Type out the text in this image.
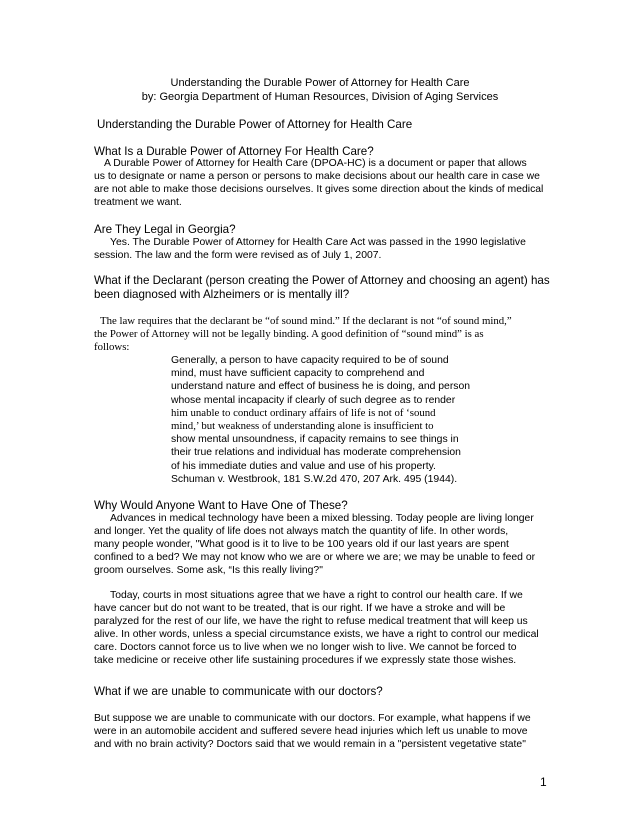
Understanding the Durable Power of Attorney for Health Care
by: Georgia Department of Human Resources, Division of Aging Services
Understanding the Durable Power of Attorney for Health Care
What Is a Durable Power of Attorney For Health Care?
A Durable Power of Attorney for Health Care (DPOA-HC) is a document or paper that allows
us to designate or name a person or persons to make decisions about our health care in case we
are not able to make those decisions ourselves. It gives some direction about the kinds of medical
treatment we want.
Are They Legal in Georgia?
Yes. The Durable Power of Attorney for Health Care Act was passed in the 1990 legislative
session. The law and the form were revised as of July 1, 2007.
What if the Declarant (person creating the Power of Attorney and choosing an agent) has
been diagnosed with Alzheimers or is mentally ill?
The law requires that the declarant be “of sound mind.” If the declarant is not “of sound mind,”
the Power of Attorney will not be legally binding. A good definition of “sound mind” is as
follows:
Generally, a person to have capacity required to be of sound
mind, must have sufficient capacity to comprehend and
understand nature and effect of business he is doing, and person
whose mental incapacity if clearly of such degree as to render
him unable to conduct ordinary affairs of life is not of ‘sound
mind,’ but weakness of understanding alone is insufficient to
show mental unsoundness, if capacity remains to see things in
their true relations and individual has moderate comprehension
of his immediate duties and value and use of his property.
Schuman v. Westbrook, 181 S.W.2d 470, 207 Ark. 495 (1944).
Why Would Anyone Want to Have One of These?
Advances in medical technology have been a mixed blessing. Today people are living longer
and longer. Yet the quality of life does not always match the quantity of life. In other words,
many people wonder, "What good is it to live to be 100 years old if our last years are spent
confined to a bed? We may not know who we are or where we are; we may be unable to feed or
groom ourselves. Some ask, “Is this really living?"
Today, courts in most situations agree that we have a right to control our health care. If we
have cancer but do not want to be treated, that is our right. If we have a stroke and will be
paralyzed for the rest of our life, we have the right to refuse medical treatment that will keep us
alive. In other words, unless a special circumstance exists, we have a right to control our medical
care. Doctors cannot force us to live when we no longer wish to live. We cannot be forced to
take medicine or receive other life sustaining procedures if we expressly state those wishes.
What if we are unable to communicate with our doctors?
But suppose we are unable to communicate with our doctors. For example, what happens if we
were in an automobile accident and suffered severe head injuries which left us unable to move
and with no brain activity? Doctors said that we would remain in a "persistent vegetative state"
1
